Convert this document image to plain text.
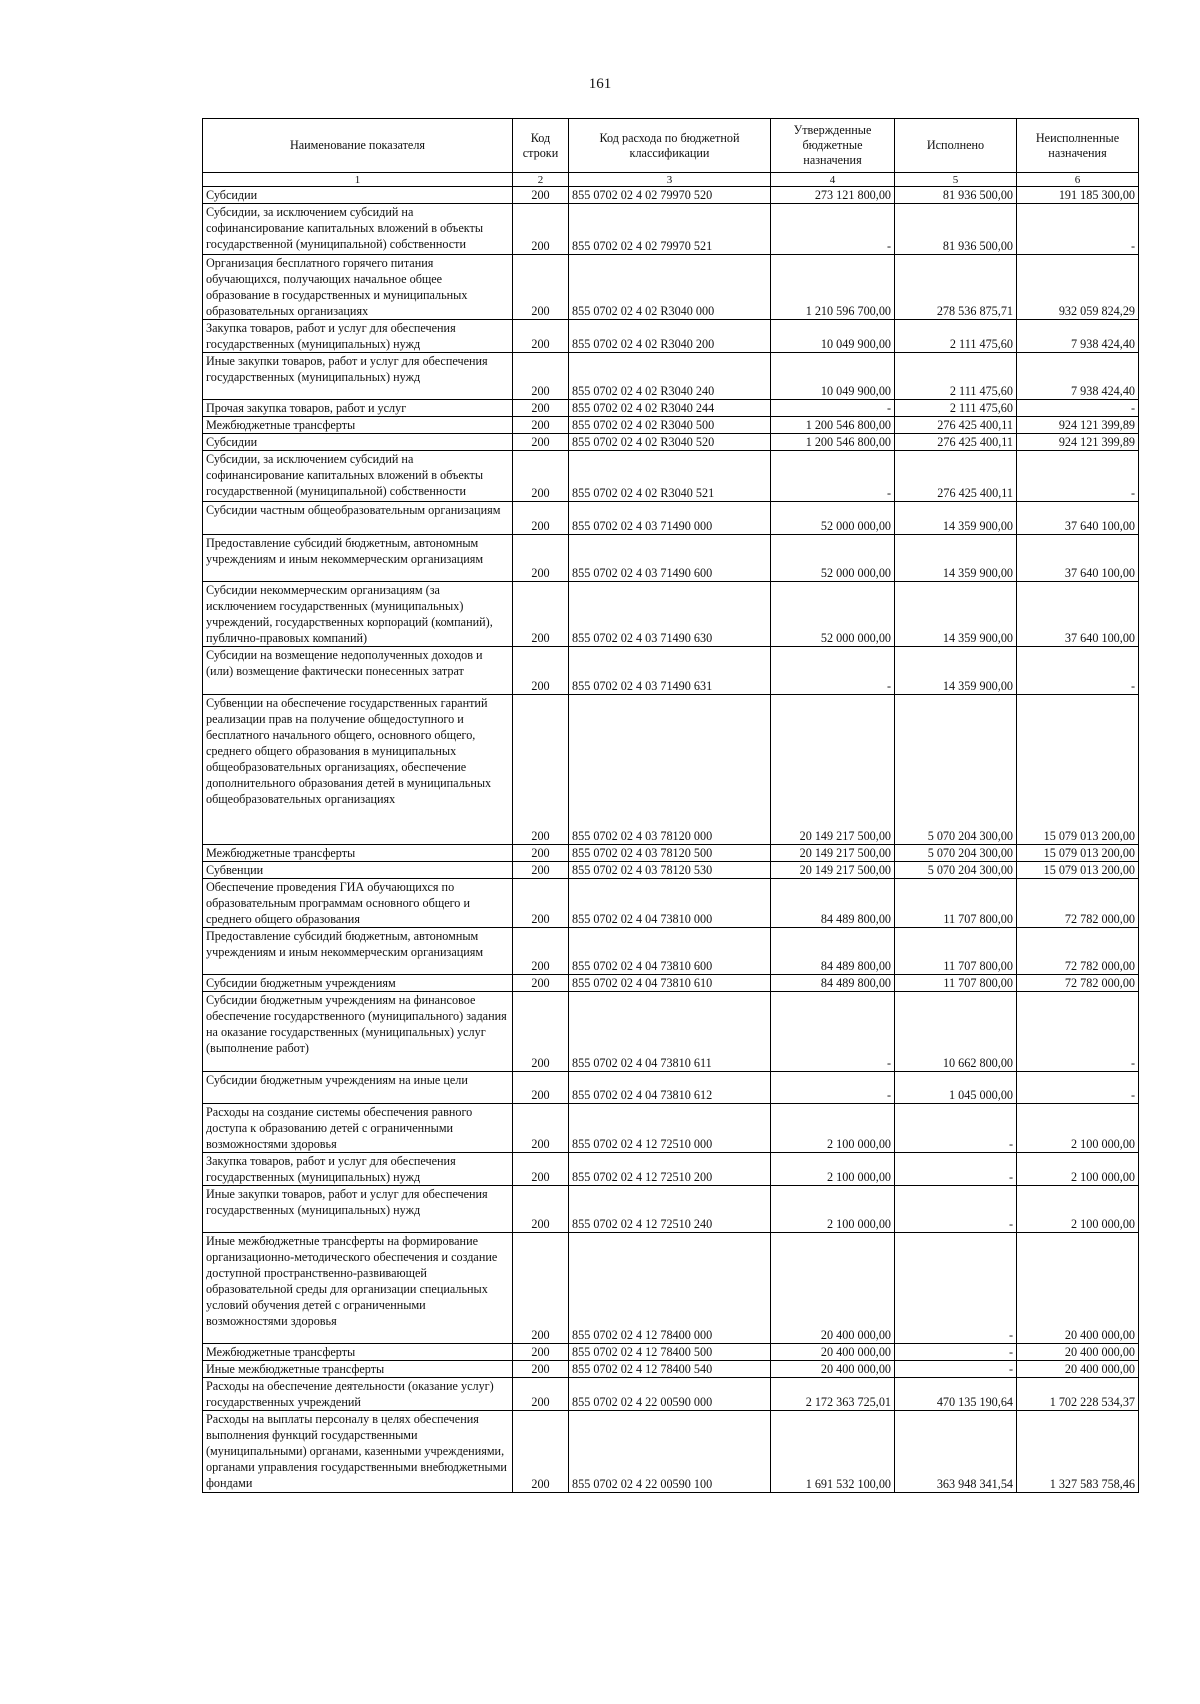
161
Наименование показателя	Код строки	Код расхода по бюджетной классификации	Утвержденные бюджетные назначения	Исполнено	Неисполненные назначения
1	2	3	4	5	6
Субсидии	200	855 0702 02 4 02 79970 520	273 121 800,00	81 936 500,00	191 185 300,00
Субсидии, за исключением субсидий на софинансирование капитальных вложений в объекты государственной (муниципальной) собственности	200	855 0702 02 4 02 79970 521	-	81 936 500,00	-
Организация бесплатного горячего питания обучающихся, получающих начальное общее образование в государственных и муниципальных образовательных организациях	200	855 0702 02 4 02 R3040 000	1 210 596 700,00	278 536 875,71	932 059 824,29
Закупка товаров, работ и услуг для обеспечения государственных (муниципальных) нужд	200	855 0702 02 4 02 R3040 200	10 049 900,00	2 111 475,60	7 938 424,40
Иные закупки товаров, работ и услуг для обеспечения государственных (муниципальных) нужд	200	855 0702 02 4 02 R3040 240	10 049 900,00	2 111 475,60	7 938 424,40
Прочая закупка товаров, работ и услуг	200	855 0702 02 4 02 R3040 244	-	2 111 475,60	-
Межбюджетные трансферты	200	855 0702 02 4 02 R3040 500	1 200 546 800,00	276 425 400,11	924 121 399,89
Субсидии	200	855 0702 02 4 02 R3040 520	1 200 546 800,00	276 425 400,11	924 121 399,89
Субсидии, за исключением субсидий на софинансирование капитальных вложений в объекты государственной (муниципальной) собственности	200	855 0702 02 4 02 R3040 521	-	276 425 400,11	-
Субсидии частным общеобразовательным организациям	200	855 0702 02 4 03 71490 000	52 000 000,00	14 359 900,00	37 640 100,00
Предоставление субсидий бюджетным, автономным учреждениям и иным некоммерческим организациям	200	855 0702 02 4 03 71490 600	52 000 000,00	14 359 900,00	37 640 100,00
Субсидии некоммерческим организациям (за исключением государственных (муниципальных) учреждений, государственных корпораций (компаний), публично-правовых компаний)	200	855 0702 02 4 03 71490 630	52 000 000,00	14 359 900,00	37 640 100,00
Субсидии на возмещение недополученных доходов и (или) возмещение фактически понесенных затрат	200	855 0702 02 4 03 71490 631	-	14 359 900,00	-
Субвенции на обеспечение государственных гарантий реализации прав на получение общедоступного и бесплатного начального общего, основного общего, среднего общего образования в муниципальных общеобразовательных организациях, обеспечение дополнительного образования детей в муниципальных общеобразовательных организациях	200	855 0702 02 4 03 78120 000	20 149 217 500,00	5 070 204 300,00	15 079 013 200,00
Межбюджетные трансферты	200	855 0702 02 4 03 78120 500	20 149 217 500,00	5 070 204 300,00	15 079 013 200,00
Субвенции	200	855 0702 02 4 03 78120 530	20 149 217 500,00	5 070 204 300,00	15 079 013 200,00
Обеспечение проведения ГИА обучающихся по образовательным программам основного общего и среднего общего образования	200	855 0702 02 4 04 73810 000	84 489 800,00	11 707 800,00	72 782 000,00
Предоставление субсидий бюджетным, автономным учреждениям и иным некоммерческим организациям	200	855 0702 02 4 04 73810 600	84 489 800,00	11 707 800,00	72 782 000,00
Субсидии бюджетным учреждениям	200	855 0702 02 4 04 73810 610	84 489 800,00	11 707 800,00	72 782 000,00
Субсидии бюджетным учреждениям на финансовое обеспечение государственного (муниципального) задания на оказание государственных (муниципальных) услуг (выполнение работ)	200	855 0702 02 4 04 73810 611	-	10 662 800,00	-
Субсидии бюджетным учреждениям на иные цели	200	855 0702 02 4 04 73810 612	-	1 045 000,00	-
Расходы на создание системы обеспечения равного доступа к образованию детей с ограниченными возможностями здоровья	200	855 0702 02 4 12 72510 000	2 100 000,00	-	2 100 000,00
Закупка товаров, работ и услуг для обеспечения государственных (муниципальных) нужд	200	855 0702 02 4 12 72510 200	2 100 000,00	-	2 100 000,00
Иные закупки товаров, работ и услуг для обеспечения государственных (муниципальных) нужд	200	855 0702 02 4 12 72510 240	2 100 000,00	-	2 100 000,00
Иные межбюджетные трансферты на формирование организационно-методического обеспечения и создание доступной пространственно-развивающей образовательной среды для организации специальных условий обучения детей с ограниченными возможностями здоровья	200	855 0702 02 4 12 78400 000	20 400 000,00	-	20 400 000,00
Межбюджетные трансферты	200	855 0702 02 4 12 78400 500	20 400 000,00	-	20 400 000,00
Иные межбюджетные трансферты	200	855 0702 02 4 12 78400 540	20 400 000,00	-	20 400 000,00
Расходы на обеспечение деятельности (оказание услуг) государственных учреждений	200	855 0702 02 4 22 00590 000	2 172 363 725,01	470 135 190,64	1 702 228 534,37
Расходы на выплаты персоналу в целях обеспечения выполнения функций государственными (муниципальными) органами, казенными учреждениями, органами управления государственными внебюджетными фондами	200	855 0702 02 4 22 00590 100	1 691 532 100,00	363 948 341,54	1 327 583 758,46
